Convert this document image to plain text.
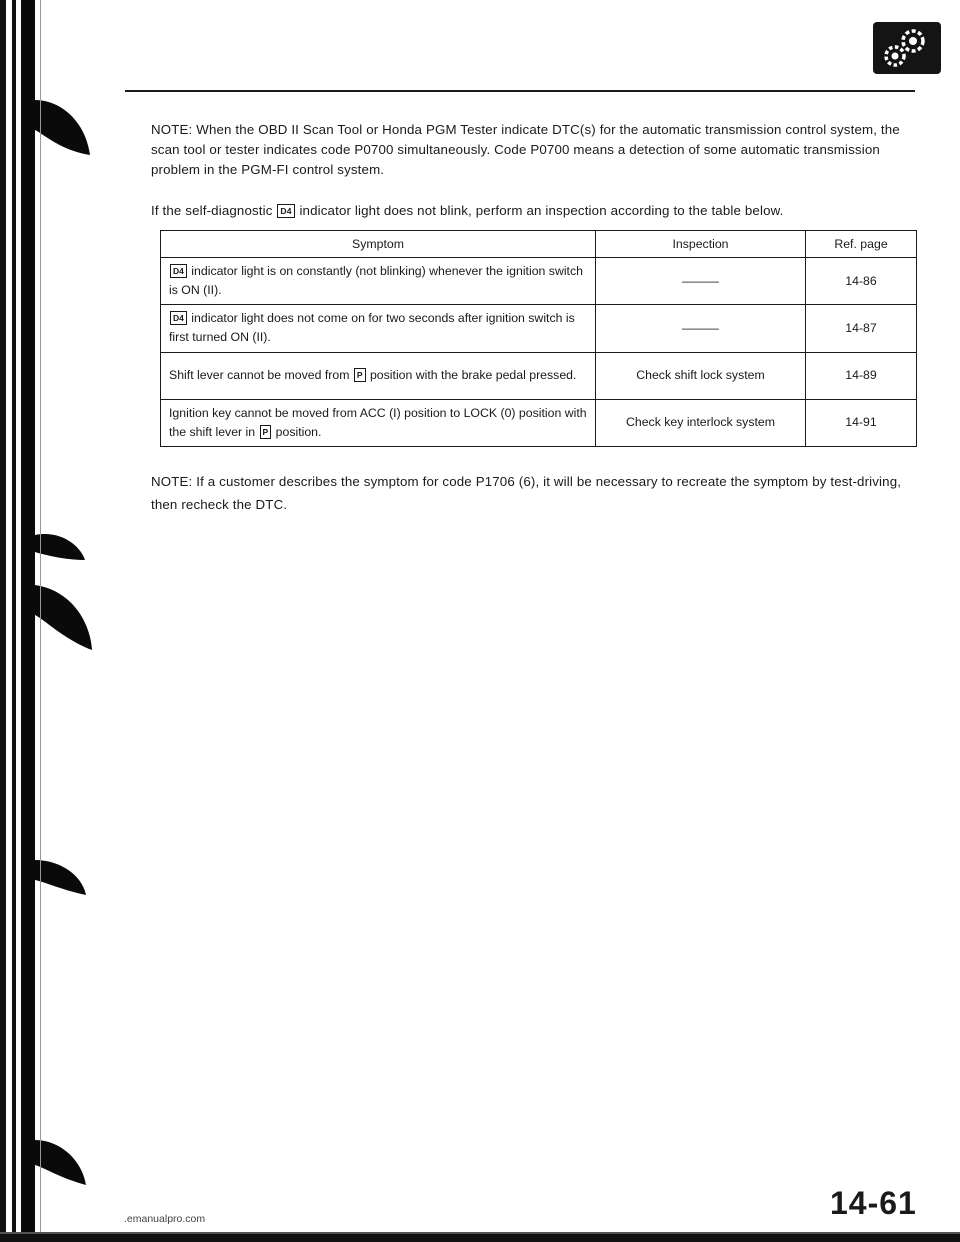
NOTE: When the OBD II Scan Tool or Honda PGM Tester indicate DTC(s) for the automatic transmission control system, the scan tool or tester indicates code P0700 simultaneously. Code P0700 means a detection of some automatic transmission problem in the PGM-FI control system.

If the self-diagnostic D4 indicator light does not blink, perform an inspection according to the table below.

Symptom	Inspection	Ref. page
D4 indicator light is on constantly (not blinking) whenever the ignition switch is ON (II).	———	14-86
D4 indicator light does not come on for two seconds after ignition switch is first turned ON (II).	———	14-87
Shift lever cannot be moved from P position with the brake pedal pressed.	Check shift lock system	14-89
Ignition key cannot be moved from ACC (I) position to LOCK (0) position with the shift lever in P position.	Check key interlock system	14-91

NOTE: If a customer describes the symptom for code P1706 (6), it will be necessary to recreate the symptom by test-driving, then recheck the DTC.

14-61

.emanualpro.com
